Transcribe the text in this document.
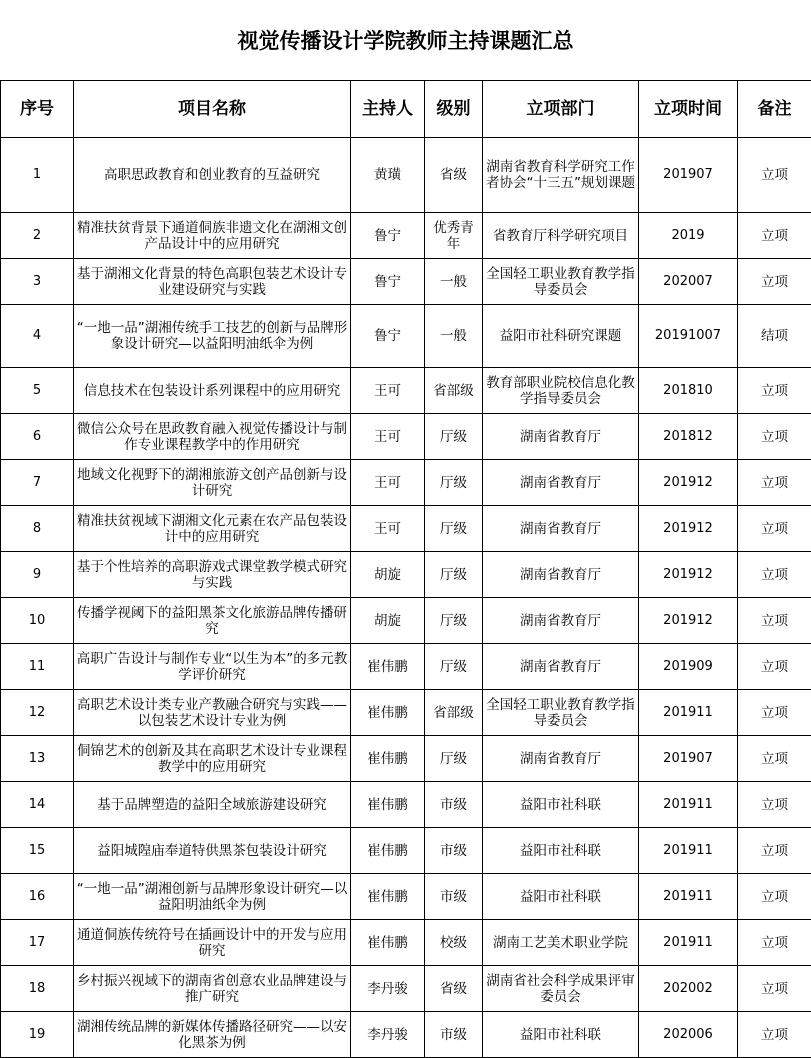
视觉传播设计学院教师主持课题汇总
序号	项目名称	主持人	级别	立项部门	立项时间	备注
1	高职思政教育和创业教育的互益研究	黄璜	省级	湖南省教育科学研究工作者协会“十三五”规划课题	201907	立项
2	精准扶贫背景下通道侗族非遗文化在湖湘文创产品设计中的应用研究	鲁宁	优秀青年	省教育厅科学研究项目	2019	立项
3	基于湖湘文化背景的特色高职包装艺术设计专业建设研究与实践	鲁宁	一般	全国轻工职业教育教学指导委员会	202007	立项
4	“一地一品”湖湘传统手工技艺的创新与品牌形象设计研究—以益阳明油纸伞为例	鲁宁	一般	益阳市社科研究课题	20191007	结项
5	信息技术在包装设计系列课程中的应用研究	王可	省部级	教育部职业院校信息化教学指导委员会	201810	立项
6	微信公众号在思政教育融入视觉传播设计与制作专业课程教学中的作用研究	王可	厅级	湖南省教育厅	201812	立项
7	地域文化视野下的湖湘旅游文创产品创新与设计研究	王可	厅级	湖南省教育厅	201912	立项
8	精准扶贫视域下湖湘文化元素在农产品包装设计中的应用研究	王可	厅级	湖南省教育厅	201912	立项
9	基于个性培养的高职游戏式课堂教学模式研究与实践	胡旋	厅级	湖南省教育厅	201912	立项
10	传播学视阈下的益阳黑茶文化旅游品牌传播研究	胡旋	厅级	湖南省教育厅	201912	立项
11	高职广告设计与制作专业“以生为本”的多元教学评价研究	崔伟鹏	厅级	湖南省教育厅	201909	立项
12	高职艺术设计类专业产教融合研究与实践——以包装艺术设计专业为例	崔伟鹏	省部级	全国轻工职业教育教学指导委员会	201911	立项
13	侗锦艺术的创新及其在高职艺术设计专业课程教学中的应用研究	崔伟鹏	厅级	湖南省教育厅	201907	立项
14	基于品牌塑造的益阳全域旅游建设研究	崔伟鹏	市级	益阳市社科联	201911	立项
15	益阳城隍庙奉道特供黑茶包装设计研究	崔伟鹏	市级	益阳市社科联	201911	立项
16	“一地一品”湖湘创新与品牌形象设计研究—以益阳明油纸伞为例	崔伟鹏	市级	益阳市社科联	201911	立项
17	通道侗族传统符号在插画设计中的开发与应用研究	崔伟鹏	校级	湖南工艺美术职业学院	201911	立项
18	乡村振兴视域下的湖南省创意农业品牌建设与推广研究	李丹骏	省级	湖南省社会科学成果评审委员会	202002	立项
19	湖湘传统品牌的新媒体传播路径研究——以安化黑茶为例	李丹骏	市级	益阳市社科联	202006	立项
